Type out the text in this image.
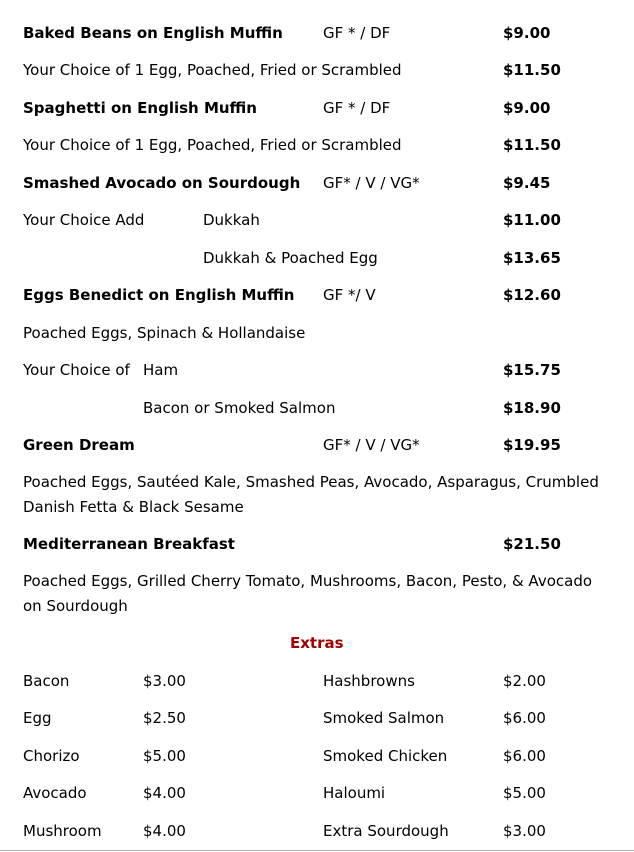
Baked Beans on English Muffin	GF * / DF	$9.00
Your Choice of 1 Egg, Poached, Fried or Scrambled	$11.50
Spaghetti on English Muffin	GF * / DF	$9.00
Your Choice of 1 Egg, Poached, Fried or Scrambled	$11.50
Smashed Avocado on Sourdough GF* / V / VG*	$9.45
Your Choice Add	Dukkah	$11.00
Dukkah & Poached Egg	$13.65
Eggs Benedict on English Muffin GF */ V	$12.60
Poached Eggs, Spinach & Hollandaise
Your Choice of Ham	$15.75
Bacon or Smoked Salmon	$18.90
Green Dream	GF* / V / VG*	$19.95
Poached Eggs, Sautéed Kale, Smashed Peas, Avocado, Asparagus, Crumbled Danish Fetta & Black Sesame
Mediterranean Breakfast	$21.50
Poached Eggs, Grilled Cherry Tomato, Mushrooms, Bacon, Pesto, & Avocado on Sourdough
Extras
Bacon	$3.00	Hashbrowns	$2.00
Egg	$2.50	Smoked Salmon	$6.00
Chorizo	$5.00	Smoked Chicken	$6.00
Avocado	$4.00	Haloumi	$5.00
Mushroom	$4.00	Extra Sourdough	$3.00
